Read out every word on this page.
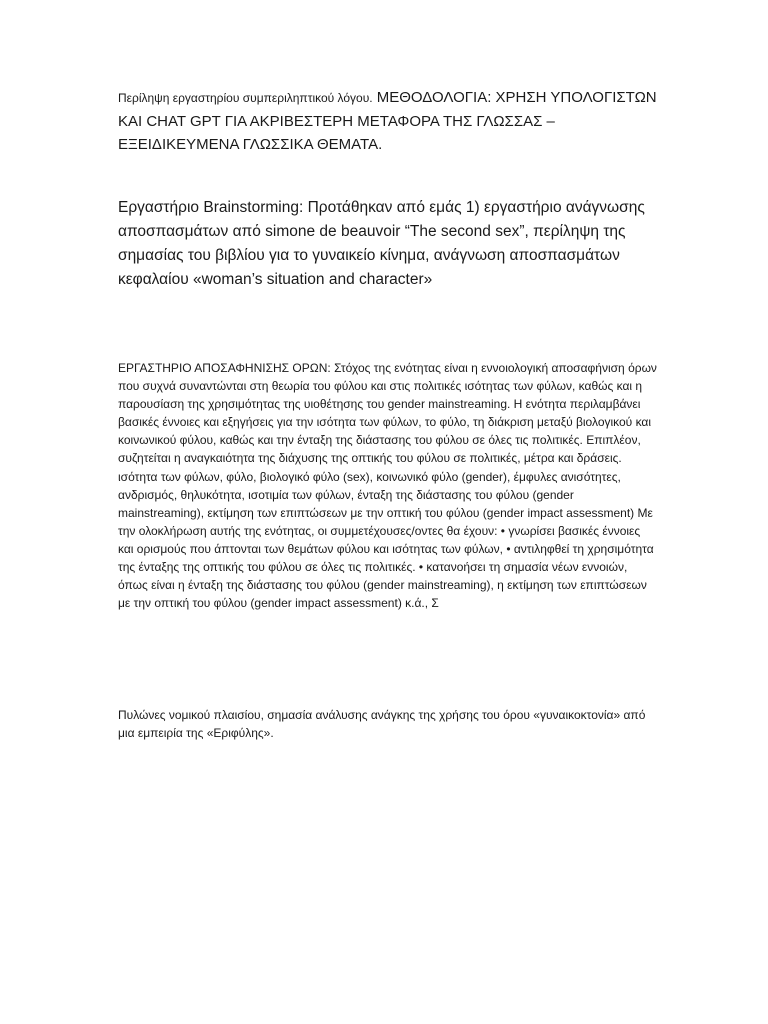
Περίληψη εργαστηρίου συμπεριληπτικού λόγου. ΜΕΘΟΔΟΛΟΓΙΑ: ΧΡΗΣΗ ΥΠΟΛΟΓΙΣΤΩΝ ΚΑΙ CHAT GPT ΓΙΑ ΑΚΡΙΒΕΣΤΕΡΗ ΜΕΤΑΦΟΡΑ ΤΗΣ ΓΛΩΣΣΑΣ – ΕΞΕΙΔΙΚΕΥΜΕΝΑ ΓΛΩΣΣΙΚΑ ΘΕΜΑΤΑ.

Εργαστήριο Brainstorming: Προτάθηκαν από εμάς 1) εργαστήριο ανάγνωσης αποσπασμάτων από simone de beauvoir “The second sex”, περίληψη της σημασίας του βιβλίου για το γυναικείο κίνημα, ανάγνωση αποσπασμάτων κεφαλαίου «woman’s situation and character»

ΕΡΓΑΣΤΗΡΙΟ ΑΠΟΣΑΦΗΝΙΣΗΣ ΟΡΩΝ: Στόχος της ενότητας είναι η εννοιολογική αποσαφήνιση όρων που συχνά συναντώνται στη θεωρία του φύλου και στις πολιτικές ισότητας των φύλων, καθώς και η παρουσίαση της χρησιμότητας της υιοθέτησης του gender mainstreaming. Η ενότητα περιλαμβάνει βασικές έννοιες και εξηγήσεις για την ισότητα των φύλων, το φύλο, τη διάκριση μεταξύ βιολογικού και κοινωνικού φύλου, καθώς και την ένταξη της διάστασης του φύλου σε όλες τις πολιτικές. Επιπλέον, συζητείται η αναγκαιότητα της διάχυσης της οπτικής του φύλου σε πολιτικές, μέτρα και δράσεις. ισότητα των φύλων, φύλο, βιολογικό φύλο (sex), κοινωνικό φύλο (gender), έμφυλες ανισότητες, ανδρισμός, θηλυκότητα, ισοτιμία των φύλων, ένταξη της διάστασης του φύλου (gender mainstreaming), εκτίμηση των επιπτώσεων με την οπτική του φύλου (gender impact assessment) Με την ολοκλήρωση αυτής της ενότητας, οι συμμετέχουσες/οντες θα έχουν: • γνωρίσει βασικές έννοιες και ορισμούς που άπτονται των θεμάτων φύλου και ισότητας των φύλων, • αντιληφθεί τη χρησιμότητα της ένταξης της οπτικής του φύλου σε όλες τις πολιτικές. • κατανοήσει τη σημασία νέων εννοιών, όπως είναι η ένταξη της διάστασης του φύλου (gender mainstreaming), η εκτίμηση των επιπτώσεων με την οπτική του φύλου (gender impact assessment) κ.ά., Σ

Πυλώνες νομικού πλαισίου, σημασία ανάλυσης ανάγκης της χρήσης του όρου «γυναικοκτονία» από μια εμπειρία της «Εριφύλης».
